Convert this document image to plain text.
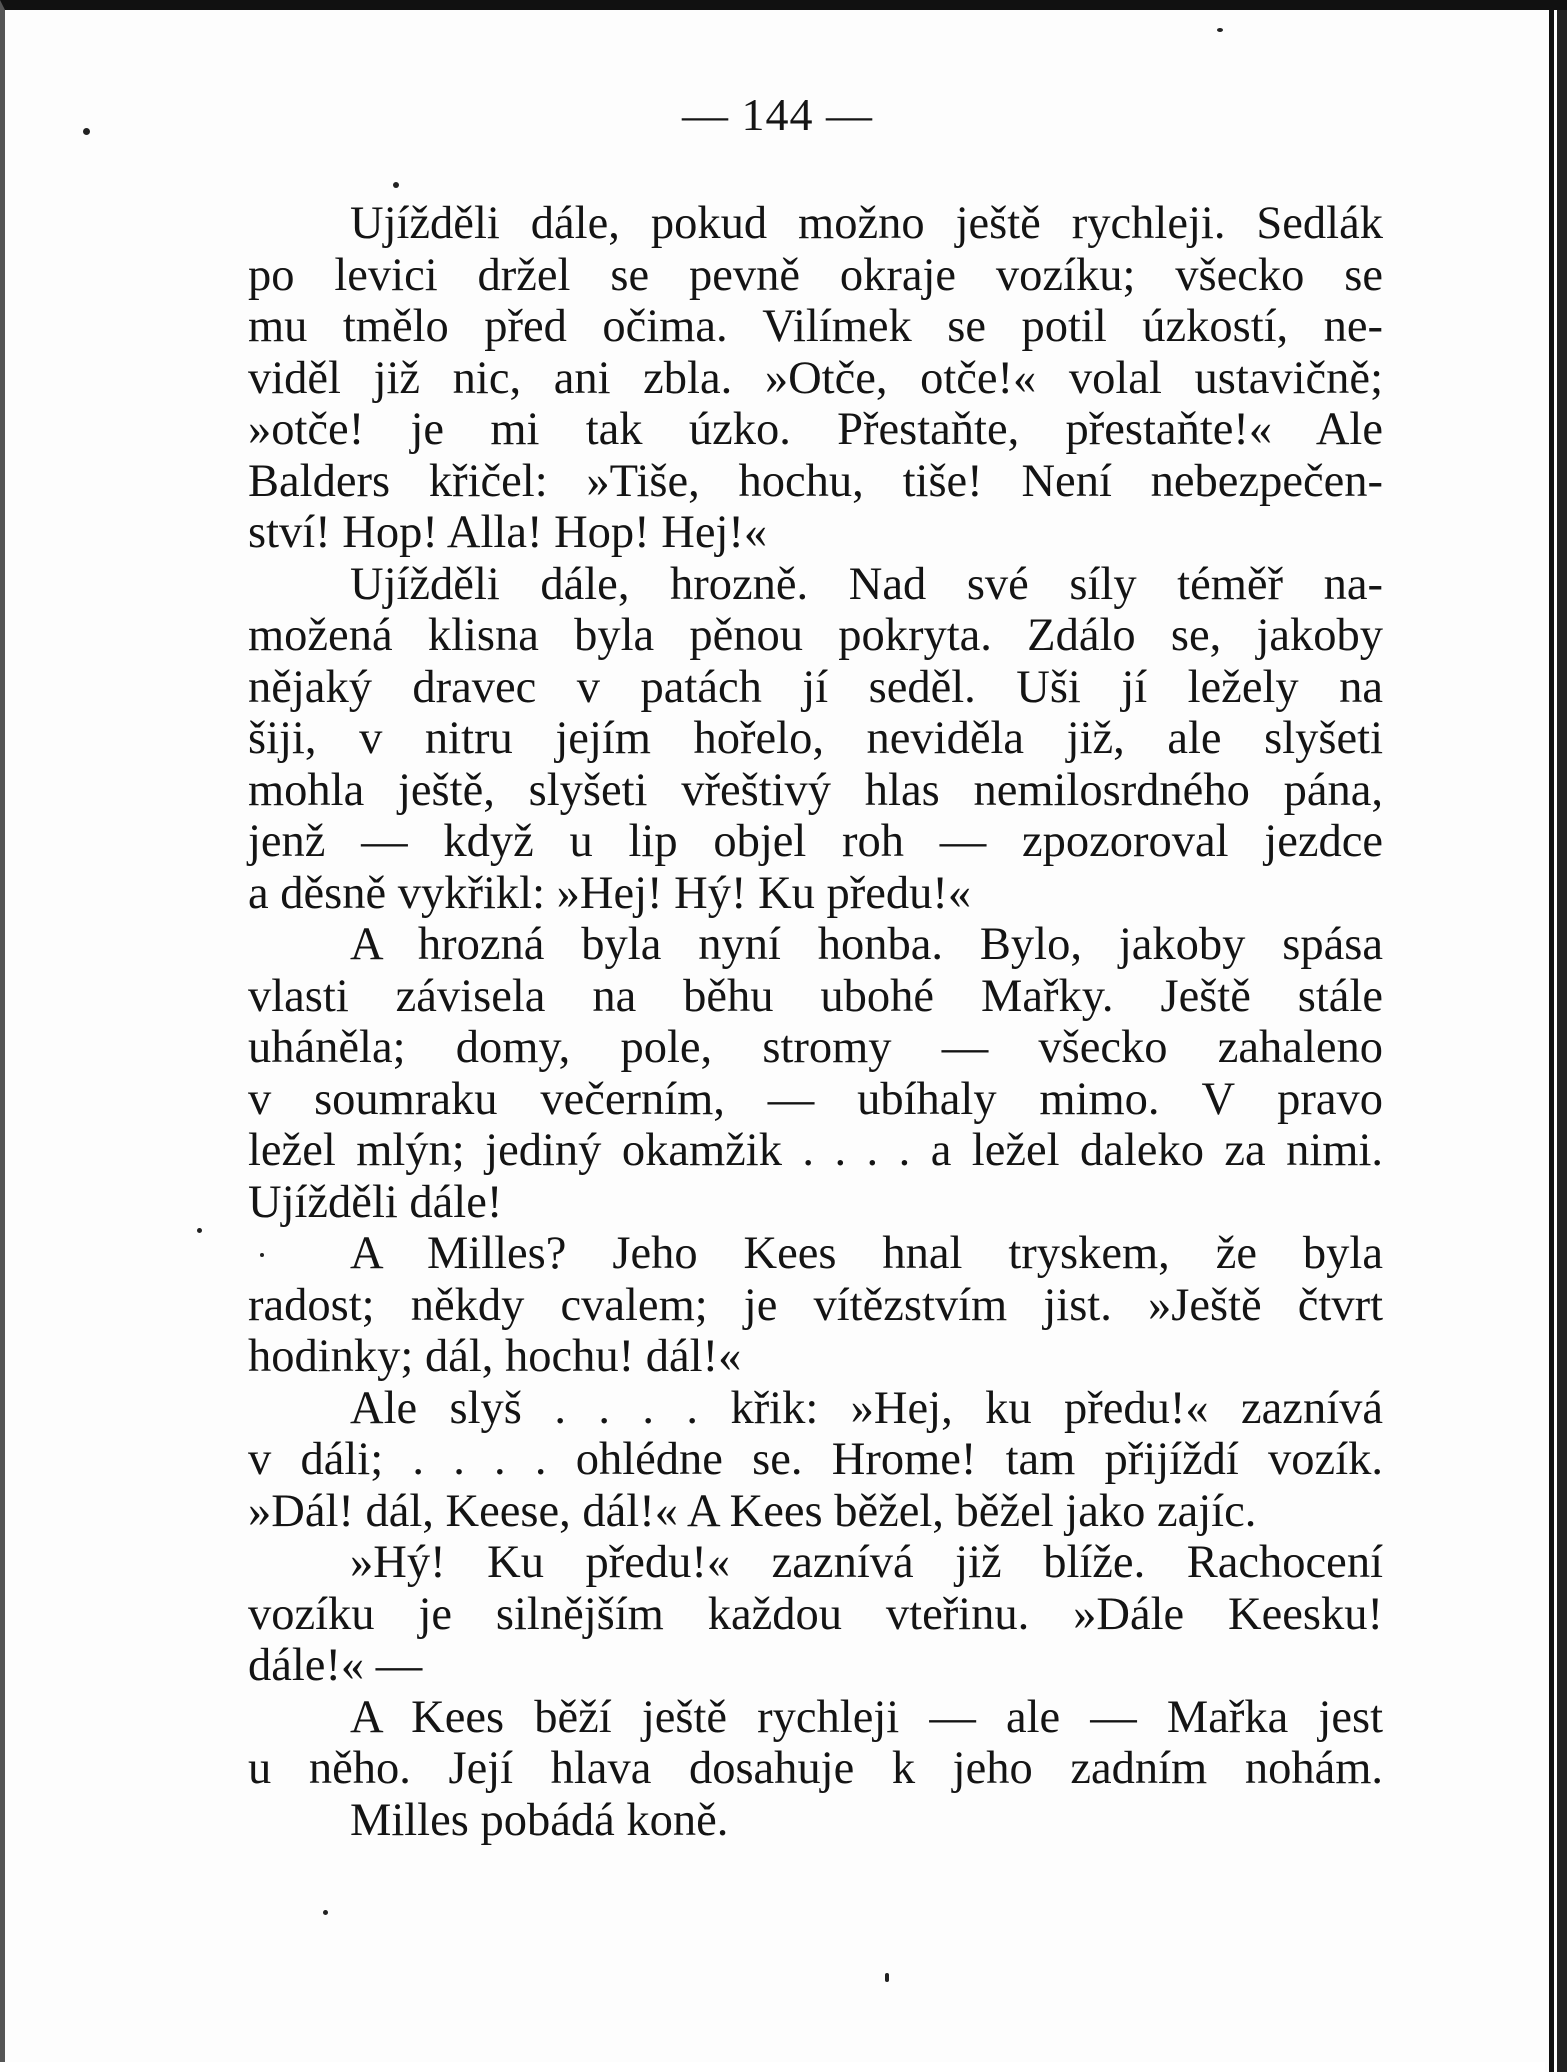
— 144 —
Ujížděli dále, pokud možno ještě rychleji. Sedlák
po levici držel se pevně okraje vozíku; všecko se
mu tmělo před očima. Vilímek se potil úzkostí, ne-
viděl již nic, ani zbla. »Otče, otče!« volal ustavičně;
»otče! je mi tak úzko. Přestaňte, přestaňte!« Ale
Balders křičel: »Tiše, hochu, tiše! Není nebezpečen-
ství! Hop! Alla! Hop! Hej!«
Ujížděli dále, hrozně. Nad své síly téměř na-
možená klisna byla pěnou pokryta. Zdálo se, jakoby
nějaký dravec v patách jí seděl. Uši jí ležely na
šiji, v nitru jejím hořelo, neviděla již, ale slyšeti
mohla ještě, slyšeti vřeštivý hlas nemilosrdného pána,
jenž — když u lip objel roh — zpozoroval jezdce
a děsně vykřikl: »Hej! Hý! Ku předu!«
A hrozná byla nyní honba. Bylo, jakoby spása
vlasti závisela na běhu ubohé Mařky. Ještě stále
uháněla; domy, pole, stromy — všecko zahaleno
v soumraku večerním, — ubíhaly mimo. V pravo
ležel mlýn; jediný okamžik . . . . a ležel daleko za nimi.
Ujížděli dále!
A Milles? Jeho Kees hnal tryskem, že byla
radost; někdy cvalem; je vítězstvím jist. »Ještě čtvrt
hodinky; dál, hochu! dál!«
Ale slyš . . . . křik: »Hej, ku předu!« zaznívá
v dáli; . . . . ohlédne se. Hrome! tam přijíždí vozík.
»Dál! dál, Keese, dál!« A Kees běžel, běžel jako zajíc.
»Hý! Ku předu!« zaznívá již blíže. Rachocení
vozíku je silnějším každou vteřinu. »Dále Keesku!
dále!« —
A Kees běží ještě rychleji — ale — Mařka jest
u něho. Její hlava dosahuje k jeho zadním nohám.
Milles pobádá koně.
